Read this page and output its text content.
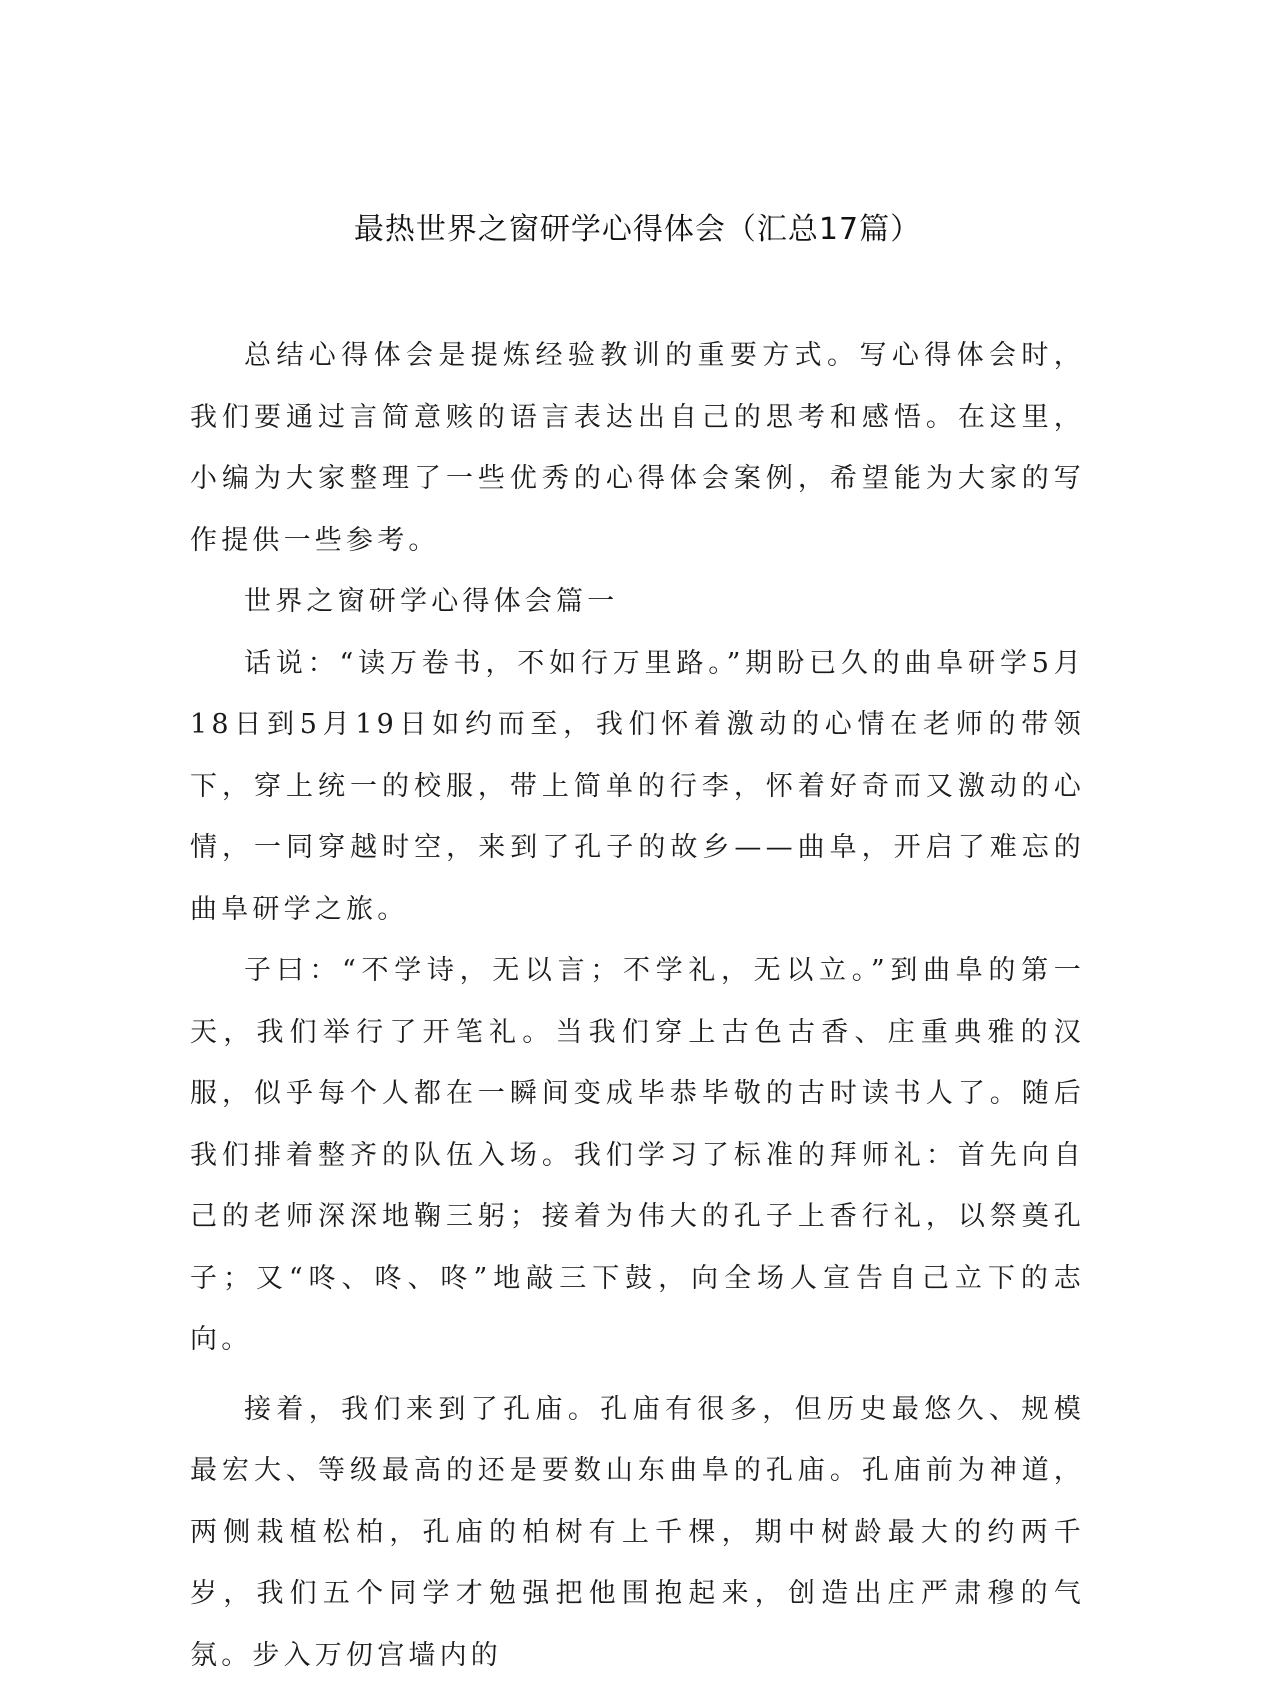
最热世界之窗研学心得体会（汇总17篇）

总结心得体会是提炼经验教训的重要方式。写心得体会时，我们要通过言简意赅的语言表达出自己的思考和感悟。在这里，小编为大家整理了一些优秀的心得体会案例，希望能为大家的写作提供一些参考。

世界之窗研学心得体会篇一

话说：“读万卷书，不如行万里路。”期盼已久的曲阜研学5月18日到5月19日如约而至，我们怀着激动的心情在老师的带领下，穿上统一的校服，带上简单的行李，怀着好奇而又激动的心情，一同穿越时空，来到了孔子的故乡——曲阜，开启了难忘的曲阜研学之旅。

子曰：“不学诗，无以言；不学礼，无以立。”到曲阜的第一天，我们举行了开笔礼。当我们穿上古色古香、庄重典雅的汉服，似乎每个人都在一瞬间变成毕恭毕敬的古时读书人了。随后我们排着整齐的队伍入场。我们学习了标准的拜师礼：首先向自己的老师深深地鞠三躬；接着为伟大的孔子上香行礼，以祭奠孔子；又“咚、咚、咚”地敲三下鼓，向全场人宣告自己立下的志向。

接着，我们来到了孔庙。孔庙有很多，但历史最悠久、规模最宏大、等级最高的还是要数山东曲阜的孔庙。孔庙前为神道，两侧栽植松柏，孔庙的柏树有上千棵，期中树龄最大的约两千岁，我们五个同学才勉强把他围抱起来，创造出庄严肃穆的气氛。步入万仞宫墙内的
